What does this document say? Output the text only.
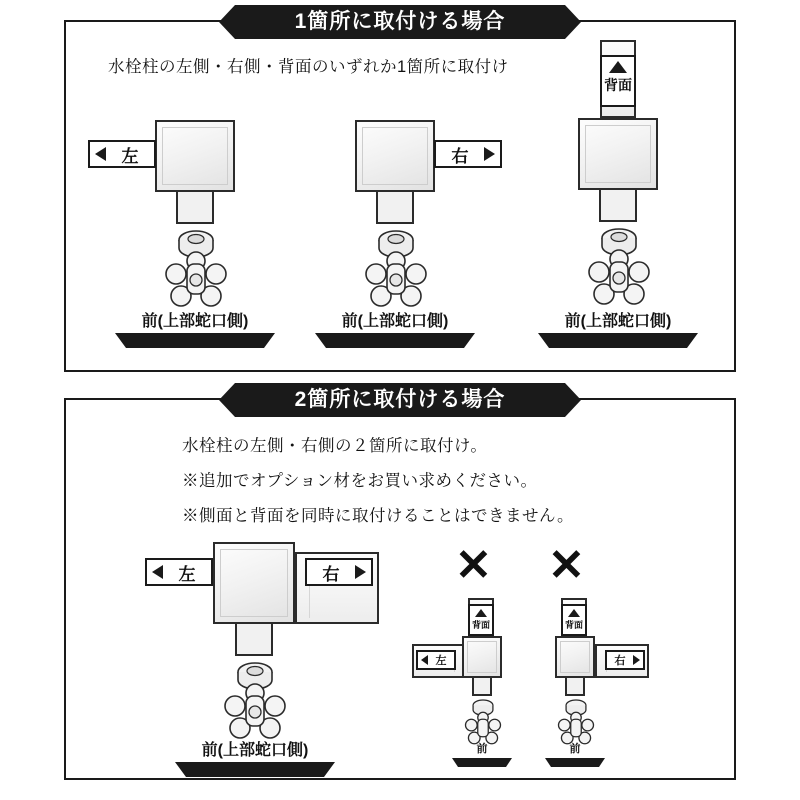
1箇所に取付ける場合
水栓柱の左側・右側・背面のいずれか1箇所に取付け
左
前(上部蛇口側)
右
前(上部蛇口側)
背面
前(上部蛇口側)
2箇所に取付ける場合
水栓柱の左側・右側の２箇所に取付け。
※追加でオプション材をお買い求めください。
※側面と背面を同時に取付けることはできません。
左	右
前(上部蛇口側)
✕
背面
左
前
✕
背面
右
前
